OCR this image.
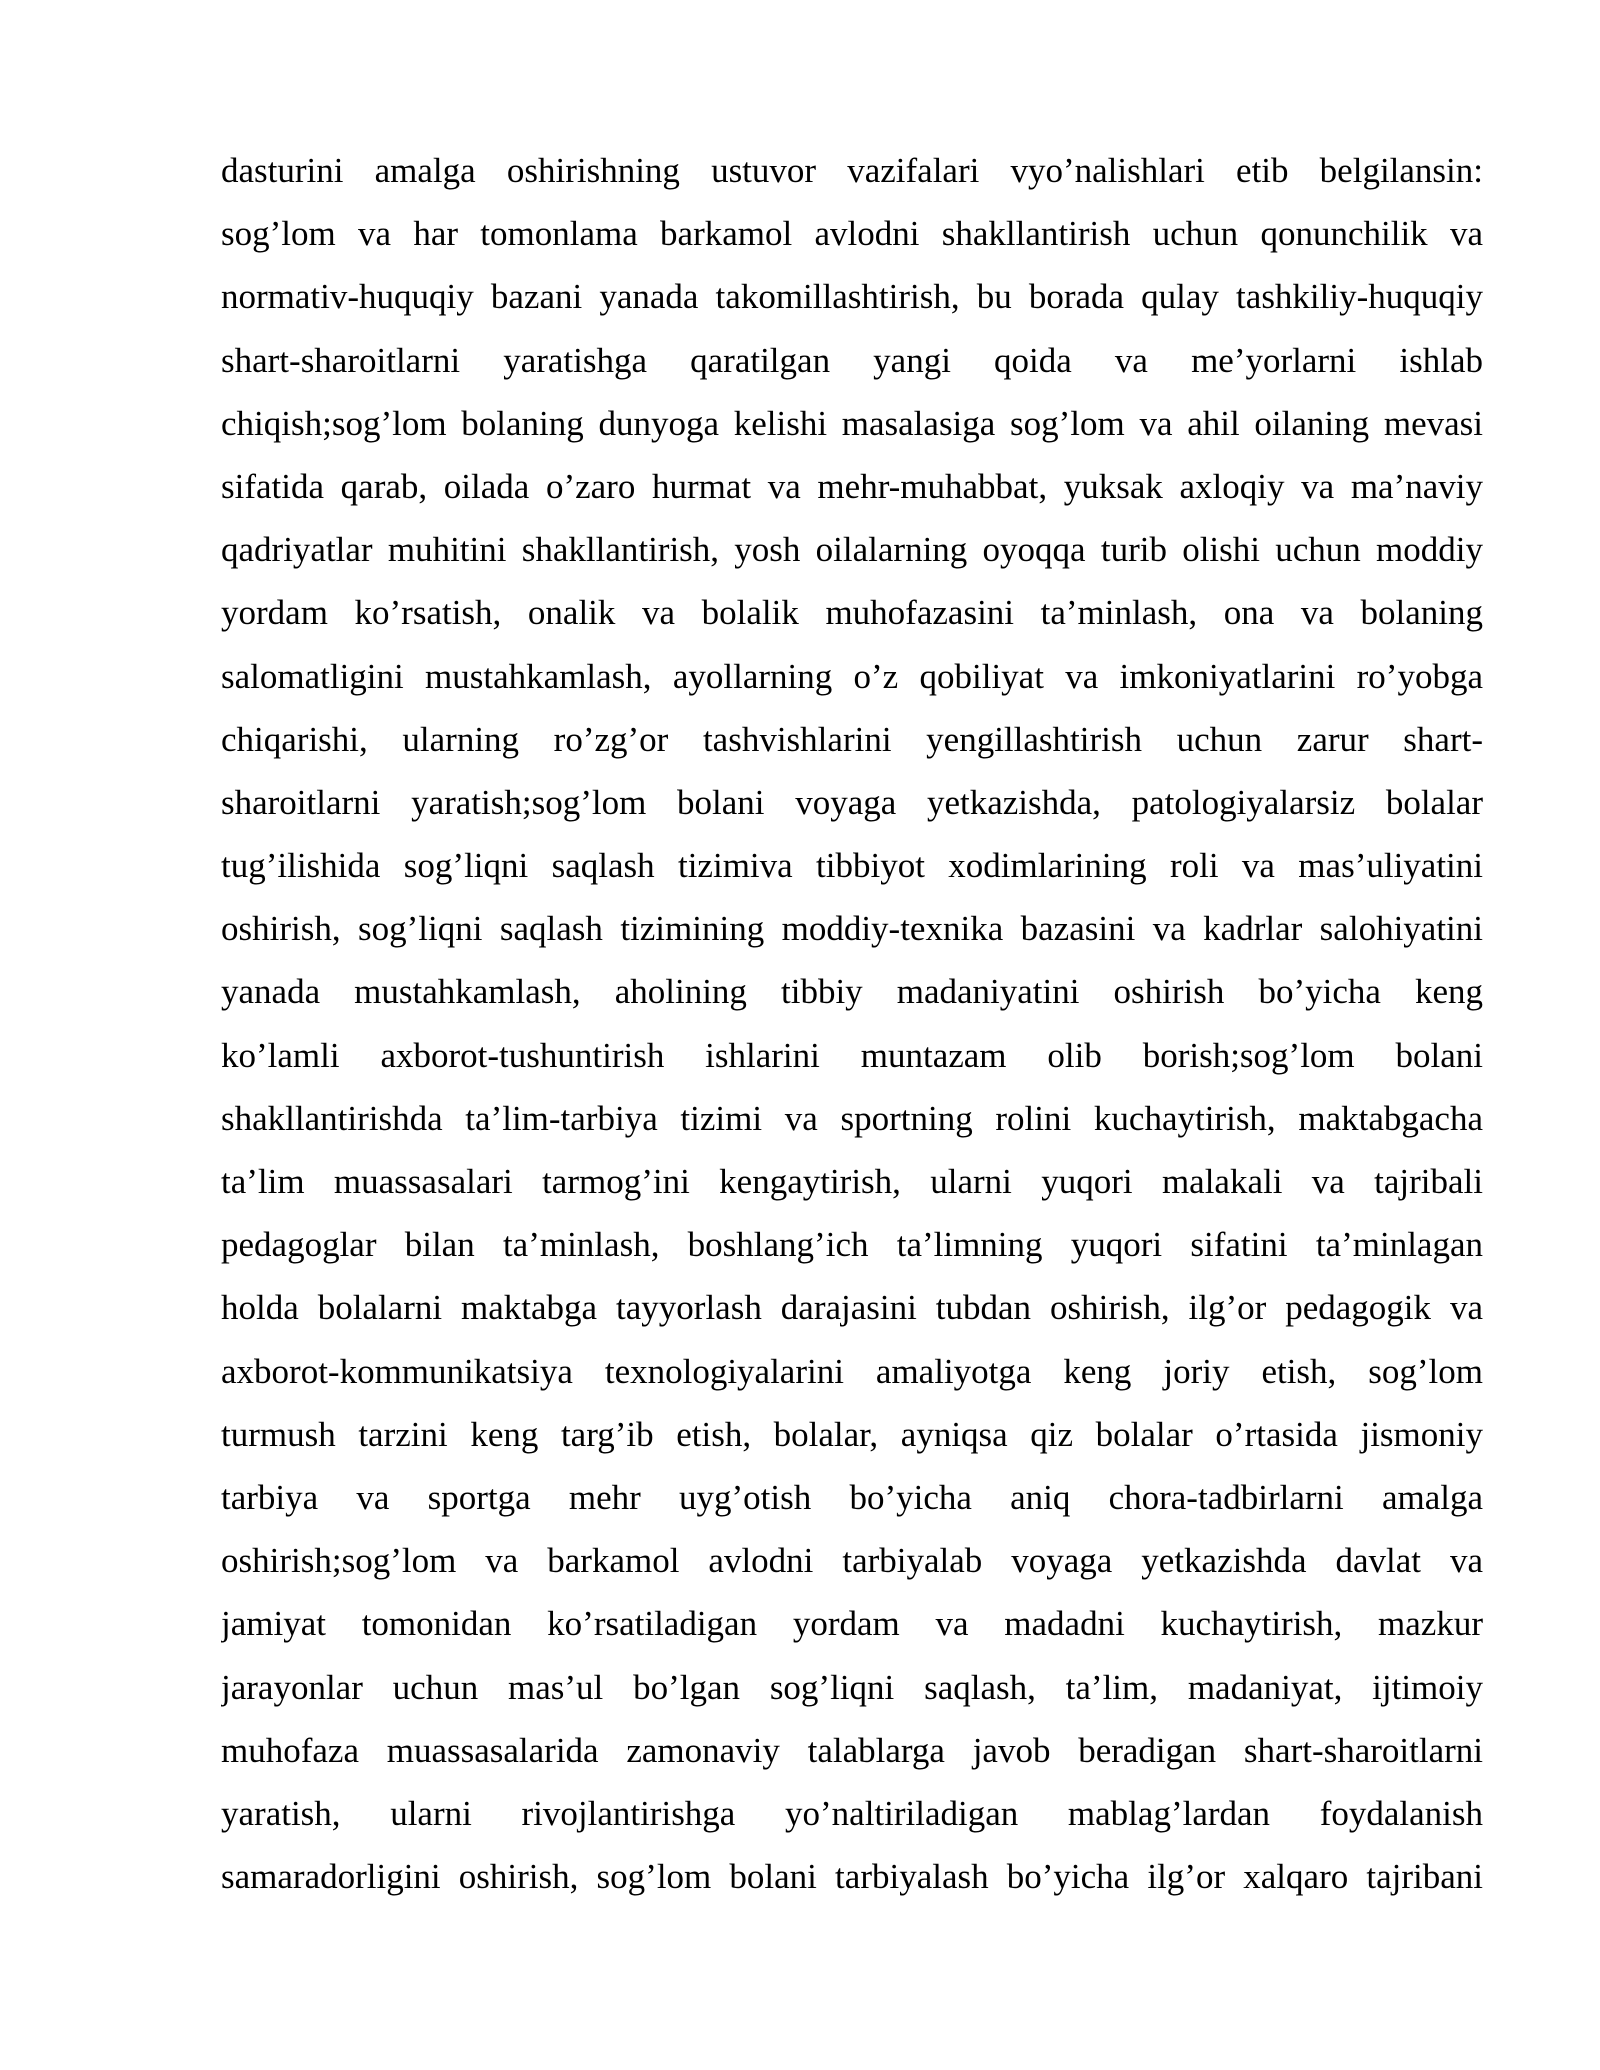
dasturini amalga oshirishning ustuvor vazifalari vyo’nalishlari etib belgilansin:
sog’lom va har tomonlama barkamol avlodni shakllantirish uchun qonunchilik va
normativ-huquqiy bazani yanada takomillashtirish, bu borada qulay tashkiliy-huquqiy
shart-sharoitlarni yaratishga qaratilgan yangi qoida va me’yorlarni ishlab
chiqish;sog’lom bolaning dunyoga kelishi masalasiga sog’lom va ahil oilaning mevasi
sifatida qarab, oilada o’zaro hurmat va mehr-muhabbat, yuksak axloqiy va ma’naviy
qadriyatlar muhitini shakllantirish, yosh oilalarning oyoqqa turib olishi uchun moddiy
yordam ko’rsatish, onalik va bolalik muhofazasini ta’minlash, ona va bolaning
salomatligini mustahkamlash, ayollarning o’z qobiliyat va imkoniyatlarini ro’yobga
chiqarishi, ularning ro’zg’or tashvishlarini yengillashtirish uchun zarur shart-
sharoitlarni yaratish;sog’lom bolani voyaga yetkazishda, patologiyalarsiz bolalar
tug’ilishida sog’liqni saqlash tizimiva tibbiyot xodimlarining roli va mas’uliyatini
oshirish, sog’liqni saqlash tizimining moddiy-texnika bazasini va kadrlar salohiyatini
yanada mustahkamlash, aholining tibbiy madaniyatini oshirish bo’yicha keng
ko’lamli axborot-tushuntirish ishlarini muntazam olib borish;sog’lom bolani
shakllantirishda ta’lim-tarbiya tizimi va sportning rolini kuchaytirish, maktabgacha
ta’lim muassasalari tarmog’ini kengaytirish, ularni yuqori malakali va tajribali
pedagoglar bilan ta’minlash, boshlang’ich ta’limning yuqori sifatini ta’minlagan
holda bolalarni maktabga tayyorlash darajasini tubdan oshirish, ilg’or pedagogik va
axborot-kommunikatsiya texnologiyalarini amaliyotga keng joriy etish, sog’lom
turmush tarzini keng targ’ib etish, bolalar, ayniqsa qiz bolalar o’rtasida jismoniy
tarbiya va sportga mehr uyg’otish bo’yicha aniq chora-tadbirlarni amalga
oshirish;sog’lom va barkamol avlodni tarbiyalab voyaga yetkazishda davlat va
jamiyat tomonidan ko’rsatiladigan yordam va madadni kuchaytirish, mazkur
jarayonlar uchun mas’ul bo’lgan sog’liqni saqlash, ta’lim, madaniyat, ijtimoiy
muhofaza muassasalarida zamonaviy talablarga javob beradigan shart-sharoitlarni
yaratish, ularni rivojlantirishga yo’naltiriladigan mablag’lardan foydalanish
samaradorligini oshirish, sog’lom bolani tarbiyalash bo’yicha ilg’or xalqaro tajribani
